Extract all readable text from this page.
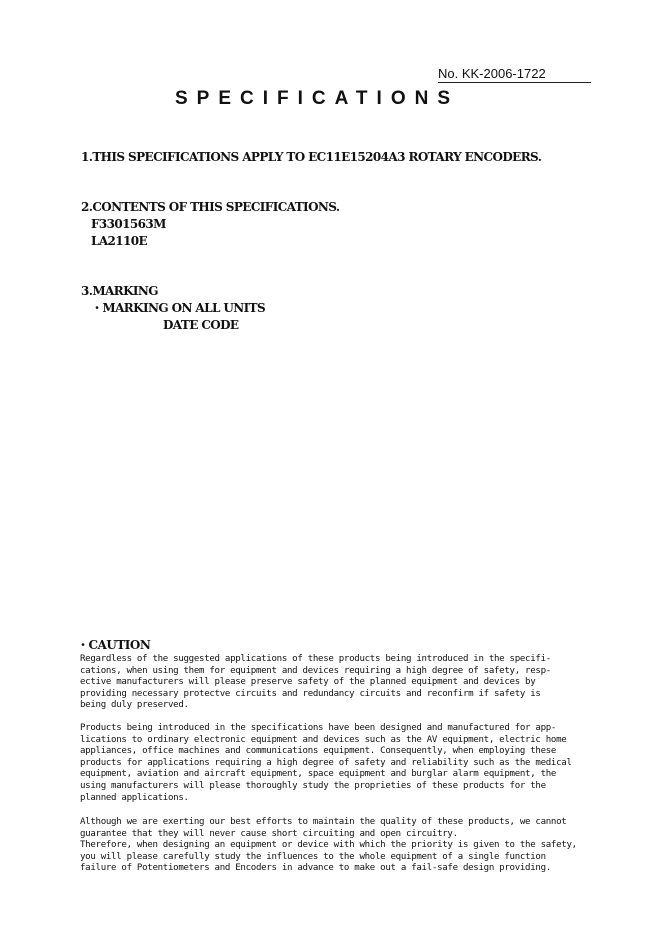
No. KK-2006-1722
SPECIFICATIONS
1.THIS SPECIFICATIONS APPLY TO EC11E15204A3 ROTARY ENCODERS.
2.CONTENTS OF THIS SPECIFICATIONS.
F3301563M
LA2110E
3.MARKING
・MARKING ON ALL UNITS
DATE CODE
・CAUTION
Regardless of the suggested applications of these products being introduced in the specifi-
cations, when using them for equipment and devices requiring a high degree of safety, resp-
ective manufacturers will please preserve safety of the planned equipment and devices by
providing necessary protectve circuits and redundancy circuits and reconfirm if safety is
being duly preserved.
Products being introduced in the specifications have been designed and manufactured for app-
lications to ordinary electronic equipment and devices such as the AV equipment, electric home
appliances, office machines and communications equipment. Consequently, when employing these
products for applications requiring a high degree of safety and reliability such as the medical
equipment, aviation and aircraft equipment, space equipment and burglar alarm equipment, the
using manufacturers will please thoroughly study the proprieties of these products for the
planned applications.
Although we are exerting our best efforts to maintain the quality of these products, we cannot
guarantee that they will never cause short circuiting and open circuitry.
Therefore, when designing an equipment or device with which the priority is given to the safety,
you will please carefully study the influences to the whole equipment of a single function
failure of Potentiometers and Encoders in advance to make out a fail-safe design providing.
